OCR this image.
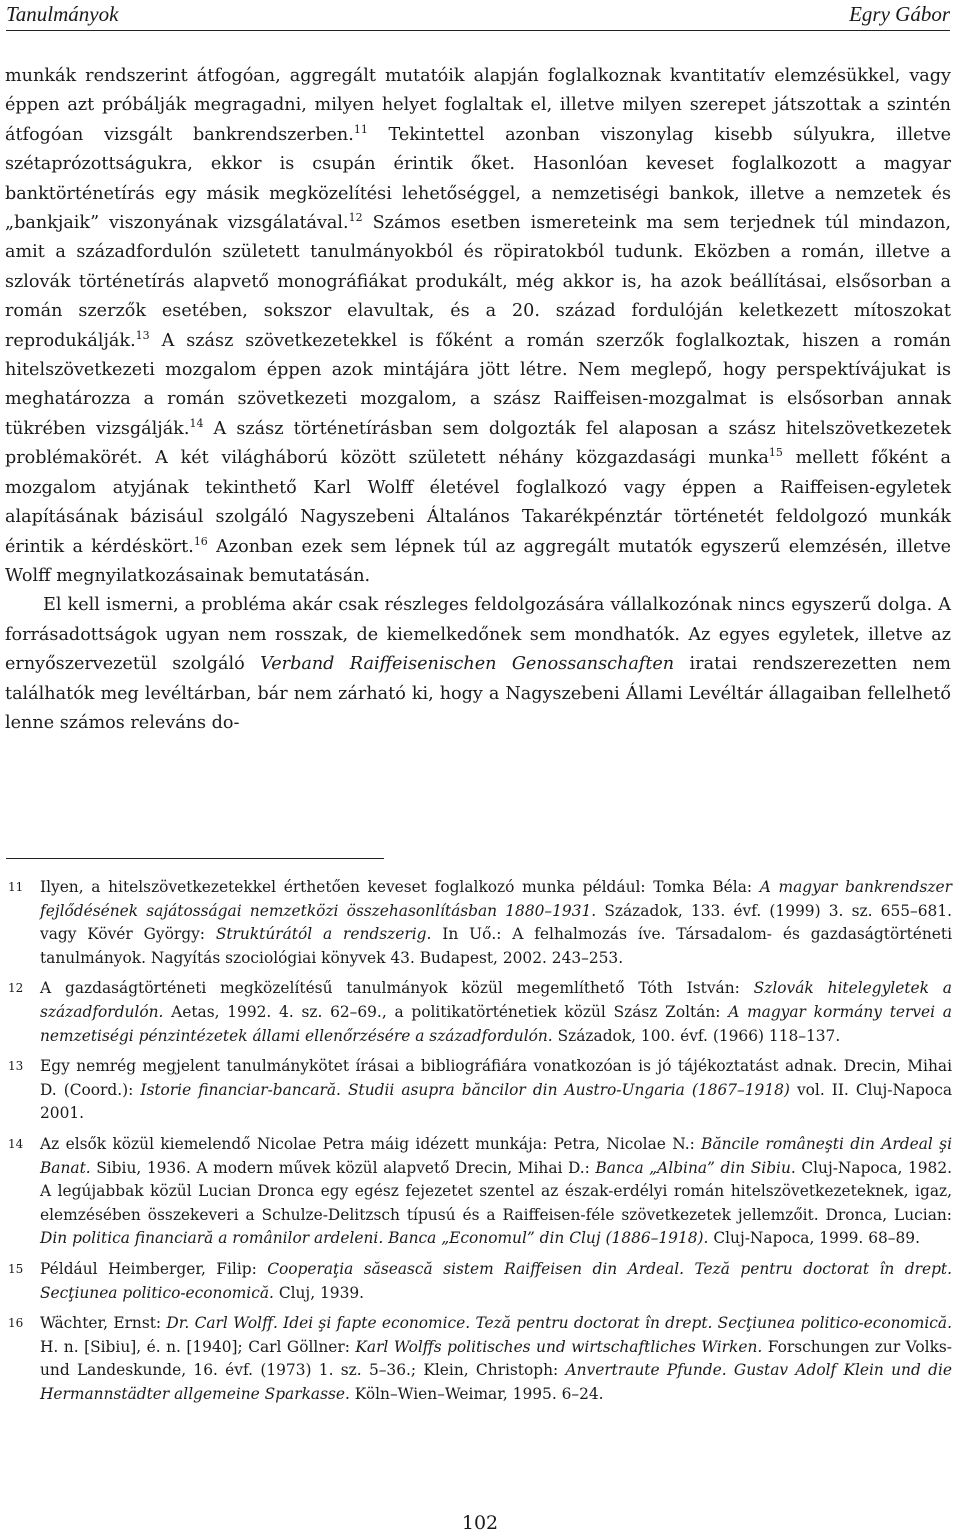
Tanulmányok	Egry Gábor

munkák rendszerint átfogóan, aggregált mutatóik alapján foglalkoznak kvantitatív elemzésükkel, vagy éppen azt próbálják megragadni, milyen helyet foglaltak el, illetve milyen szerepet játszottak a szintén átfogóan vizsgált bankrendszerben.$^{11}$ Tekintettel azonban viszonylag kisebb súlyukra, illetve szétaprózottságukra, ekkor is csupán érintik őket. Hasonlóan keveset foglalkozott a magyar banktörténetírás egy másik megközelítési lehetőséggel, a nemzetiségi bankok, illetve a nemzetek és „bankjaik” viszonyának vizsgálatával.$^{12}$ Számos esetben ismereteink ma sem terjednek túl mindazon, amit a századfordulón született tanulmányokból és röpiratokból tudunk. Eközben a román, illetve a szlovák történetírás alapvető monográfiákat produkált, még akkor is, ha azok beállításai, elsősorban a román szerzők esetében, sokszor elavultak, és a 20. század fordulóján keletkezett mítoszokat reprodukálják.$^{13}$ A szász szövetkezetekkel is főként a román szerzők foglalkoztak, hiszen a román hitelszövetkezeti mozgalom éppen azok mintájára jött létre. Nem meglepő, hogy perspektívájukat is meghatározza a román szövetkezeti mozgalom, a szász Raiffeisen-mozgalmat is elsősorban annak tükrében vizsgálják.$^{14}$ A szász történetírásban sem dolgozták fel alaposan a szász hitelszövetkezetek problémakörét. A két világháború között született néhány közgazdasági munka$^{15}$ mellett főként a mozgalom atyjának tekinthető Karl Wolff életével foglalkozó vagy éppen a Raiffeisen-egyletek alapításának bázisául szolgáló Nagyszebeni Általános Takarékpénztár történetét feldolgozó munkák érintik a kérdéskört.$^{16}$ Azonban ezek sem lépnek túl az aggregált mutatók egyszerű elemzésén, illetve Wolff megnyilatkozásainak bemutatásán.

El kell ismerni, a probléma akár csak részleges feldolgozására vállalkozónak nincs egyszerű dolga. A forrásadottságok ugyan nem rosszak, de kiemelkedőnek sem mondhatók. Az egyes egyletek, illetve az ernyőszervezetül szolgáló Verband Raiffeisenischen Genossanschaften iratai rendszerezetten nem találhatók meg levéltárban, bár nem zárható ki, hogy a Nagyszebeni Állami Levéltár állagaiban fellelhető lenne számos releváns do-

11 Ilyen, a hitelszövetkezetekkel érthetően keveset foglalkozó munka például: Tomka Béla: A magyar bankrendszer fejlődésének sajátosságai nemzetközi összehasonlításban 1880–1931. Századok, 133. évf. (1999) 3. sz. 655–681. vagy Kövér György: Struktúrától a rendszerig. In Uő.: A felhalmozás íve. Társadalom- és gazdaságtörténeti tanulmányok. Nagyítás szociológiai könyvek 43. Budapest, 2002. 243–253.
12 A gazdaságtörténeti megközelítésű tanulmányok közül megemlíthető Tóth István: Szlovák hitelegyletek a századfordulón. Aetas, 1992. 4. sz. 62–69., a politikatörténetiek közül Szász Zoltán: A magyar kormány tervei a nemzetiségi pénzintézetek állami ellenőrzésére a századfordulón. Századok, 100. évf. (1966) 118–137.
13 Egy nemrég megjelent tanulmánykötet írásai a bibliográfiára vonatkozóan is jó tájékoztatást adnak. Drecin, Mihai D. (Coord.): Istorie financiar-bancară. Studii asupra băncilor din Austro-Ungaria (1867–1918) vol. II. Cluj-Napoca 2001.
14 Az elsők közül kiemelendő Nicolae Petra máig idézett munkája: Petra, Nicolae N.: Băncile româneşti din Ardeal şi Banat. Sibiu, 1936. A modern művek közül alapvető Drecin, Mihai D.: Banca „Albina” din Sibiu. Cluj-Napoca, 1982. A legújabbak közül Lucian Dronca egy egész fejezetet szentel az észak-erdélyi román hitelszövetkezeteknek, igaz, elemzésében összekeveri a Schulze-Delitzsch típusú és a Raiffeisen-féle szövetkezetek jellemzőit. Dronca, Lucian: Din politica financiară a românilor ardeleni. Banca „Economul” din Cluj (1886–1918). Cluj-Napoca, 1999. 68–89.
15 Például Heimberger, Filip: Cooperaţia săsească sistem Raiffeisen din Ardeal. Teză pentru doctorat în drept. Secţiunea politico-economică. Cluj, 1939.
16 Wächter, Ernst: Dr. Carl Wolff. Idei şi fapte economice. Teză pentru doctorat în drept. Secţiunea politico-economică. H. n. [Sibiu], é. n. [1940]; Carl Göllner: Karl Wolffs politisches und wirtschaftliches Wirken. Forschungen zur Volks- und Landeskunde, 16. évf. (1973) 1. sz. 5–36.; Klein, Christoph: Anvertraute Pfunde. Gustav Adolf Klein und die Hermannstädter allgemeine Sparkasse. Köln–Wien–Weimar, 1995. 6–24.
102
